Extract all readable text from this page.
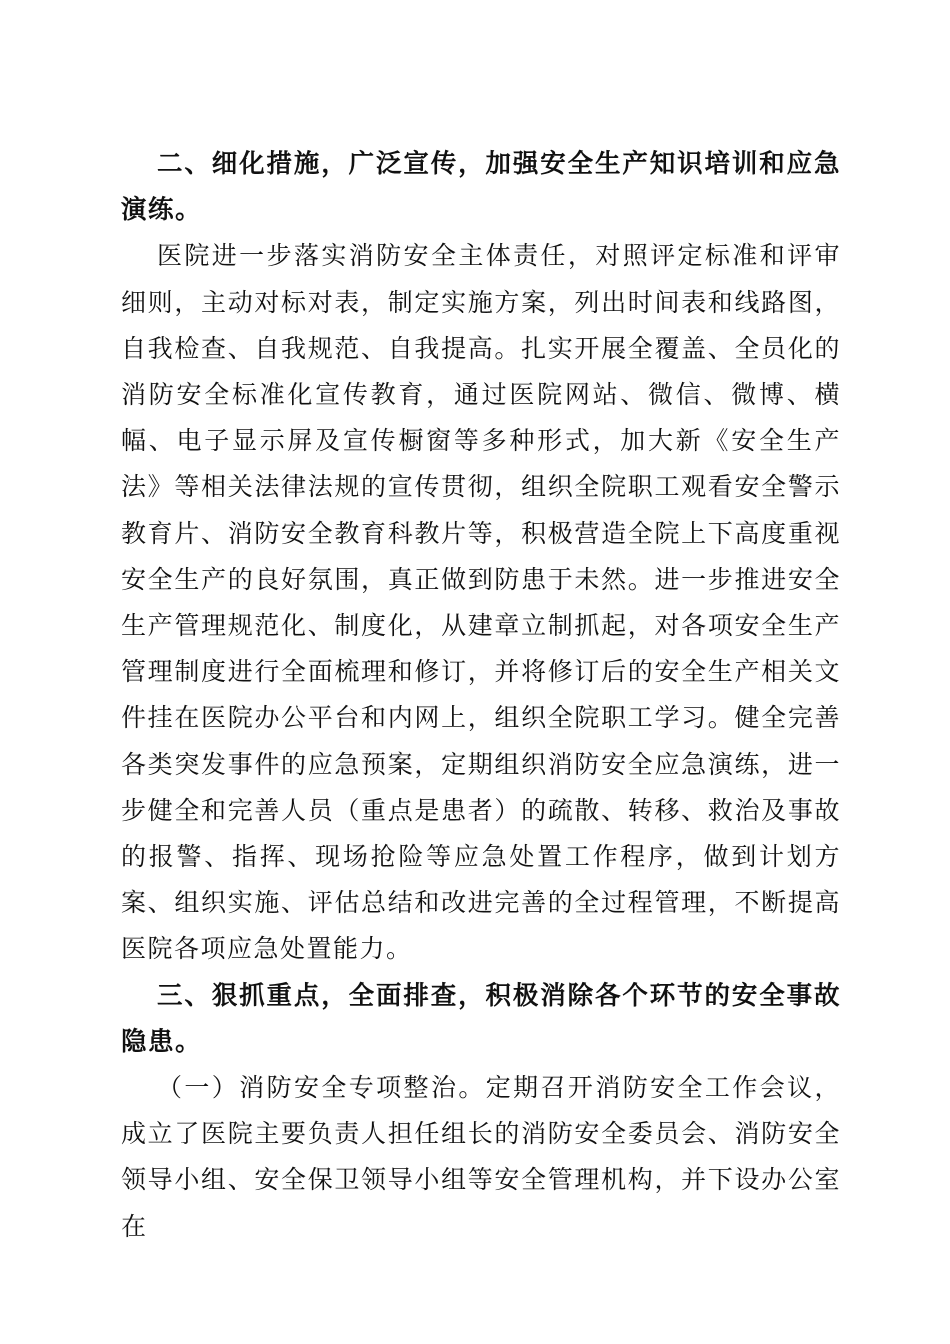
二、细化措施，广泛宣传，加强安全生产知识培训和应急演练。

医院进一步落实消防安全主体责任，对照评定标准和评审细则，主动对标对表，制定实施方案，列出时间表和线路图，自我检查、自我规范、自我提高。扎实开展全覆盖、全员化的消防安全标准化宣传教育，通过医院网站、微信、微博、横幅、电子显示屏及宣传橱窗等多种形式，加大新《安全生产法》等相关法律法规的宣传贯彻，组织全院职工观看安全警示教育片、消防安全教育科教片等，积极营造全院上下高度重视安全生产的良好氛围，真正做到防患于未然。进一步推进安全生产管理规范化、制度化，从建章立制抓起，对各项安全生产管理制度进行全面梳理和修订，并将修订后的安全生产相关文件挂在医院办公平台和内网上，组织全院职工学习。健全完善各类突发事件的应急预案，定期组织消防安全应急演练，进一步健全和完善人员（重点是患者）的疏散、转移、救治及事故的报警、指挥、现场抢险等应急处置工作程序，做到计划方案、组织实施、评估总结和改进完善的全过程管理，不断提高医院各项应急处置能力。

三、狠抓重点，全面排查，积极消除各个环节的安全事故隐患。

（一）消防安全专项整治。定期召开消防安全工作会议，成立了医院主要负责人担任组长的消防安全委员会、消防安全领导小组、安全保卫领导小组等安全管理机构，并下设办公室在
